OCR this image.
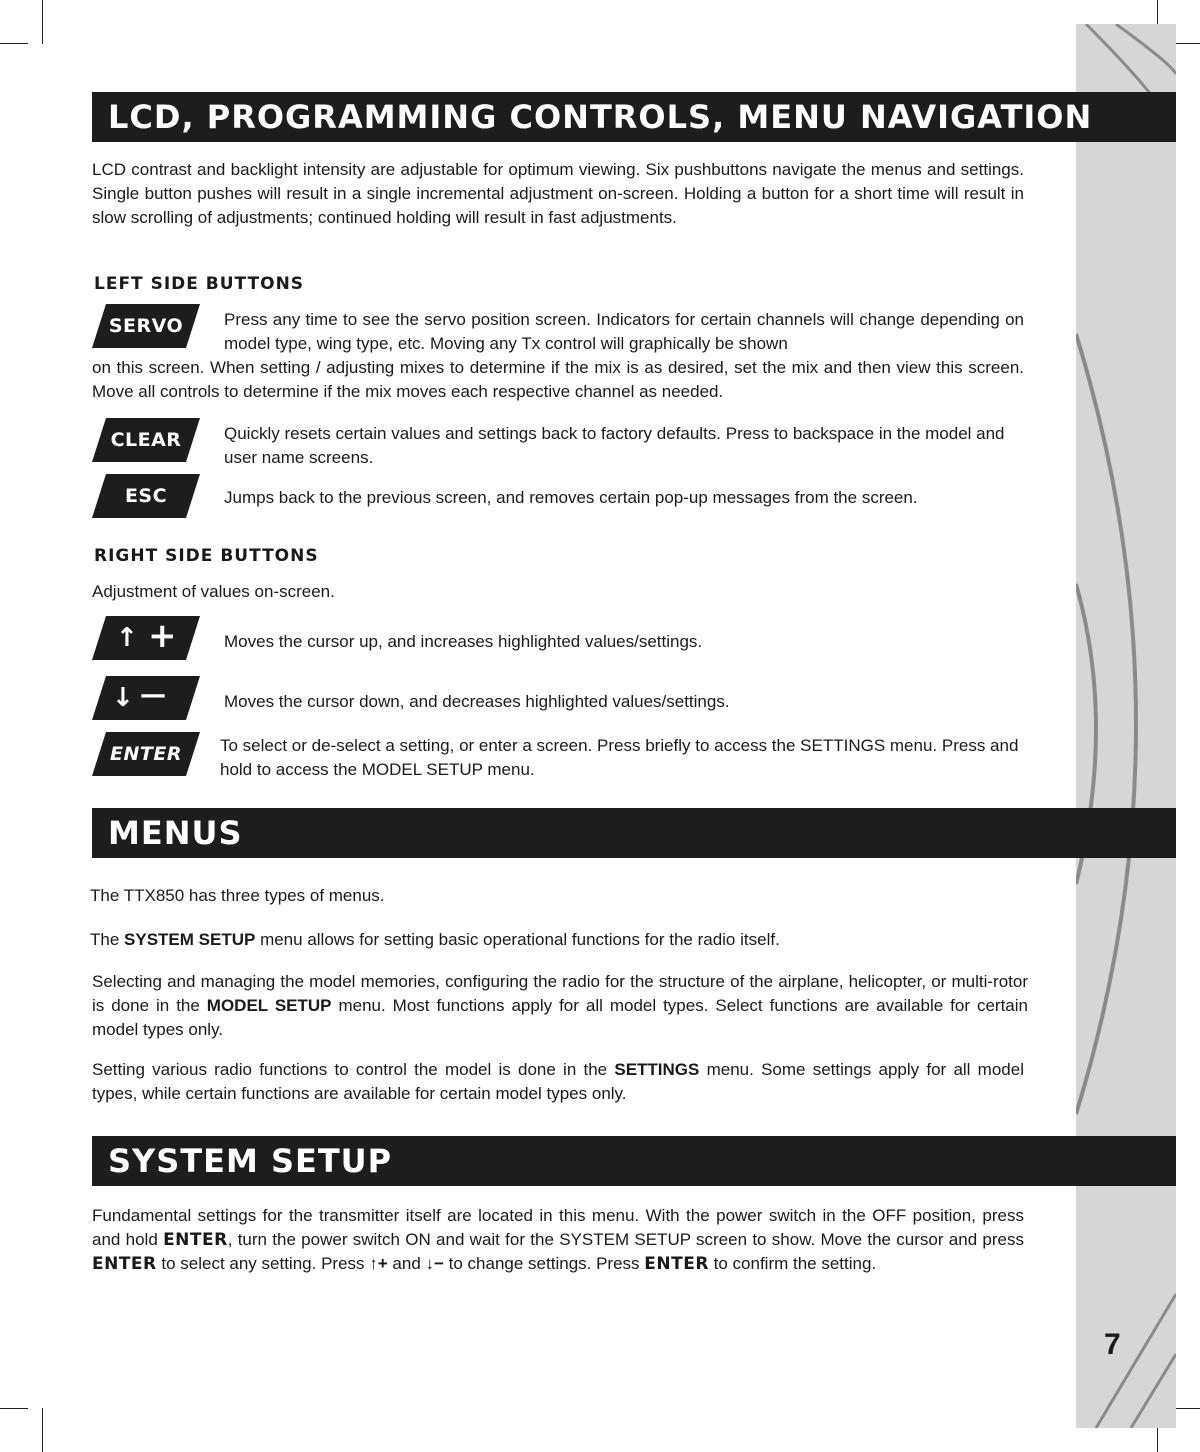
7
LCD, PROGRAMMING CONTROLS, MENU NAVIGATION
LCD contrast and backlight intensity are adjustable for optimum viewing. Six pushbuttons navigate the menus and settings. Single button pushes will result in a single incremental adjustment on-screen. Holding a button for a short time will result in slow scrolling of adjustments; continued holding will result in fast adjustments.
LEFT SIDE BUTTONS
SERVO	Press any time to see the servo position screen. Indicators for certain channels will change depending on model type, wing type, etc. Moving any Tx control will graphically be shown
on this screen. When setting / adjusting mixes to determine if the mix is as desired, set the mix and then view this screen. Move all controls to determine if the mix moves each respective channel as needed.
CLEAR	Quickly resets certain values and settings back to factory defaults. Press to backspace in the model and user name screens.
ESC	Jumps back to the previous screen, and removes certain pop-up messages from the screen.
RIGHT SIDE BUTTONS
Adjustment of values on-screen.
↑ +	Moves the cursor up, and increases highlighted values/settings.
↓ —	Moves the cursor down, and decreases highlighted values/settings.
ENTER	To select or de-select a setting, or enter a screen. Press briefly to access the SETTINGS menu. Press and hold to access the MODEL SETUP menu.
MENUS
The TTX850 has three types of menus.
The SYSTEM SETUP menu allows for setting basic operational functions for the radio itself.
Selecting and managing the model memories, configuring the radio for the structure of the airplane, helicopter, or multi-rotor is done in the MODEL SETUP menu. Most functions apply for all model types. Select functions are available for certain model types only.
Setting various radio functions to control the model is done in the SETTINGS menu. Some settings apply for all model types, while certain functions are available for certain model types only.
SYSTEM SETUP
Fundamental settings for the transmitter itself are located in this menu. With the power switch in the OFF position, press and hold ENTER, turn the power switch ON and wait for the SYSTEM SETUP screen to show. Move the cursor and press ENTER to select any setting. Press ↑+ and ↓− to change settings. Press ENTER to confirm the setting.
